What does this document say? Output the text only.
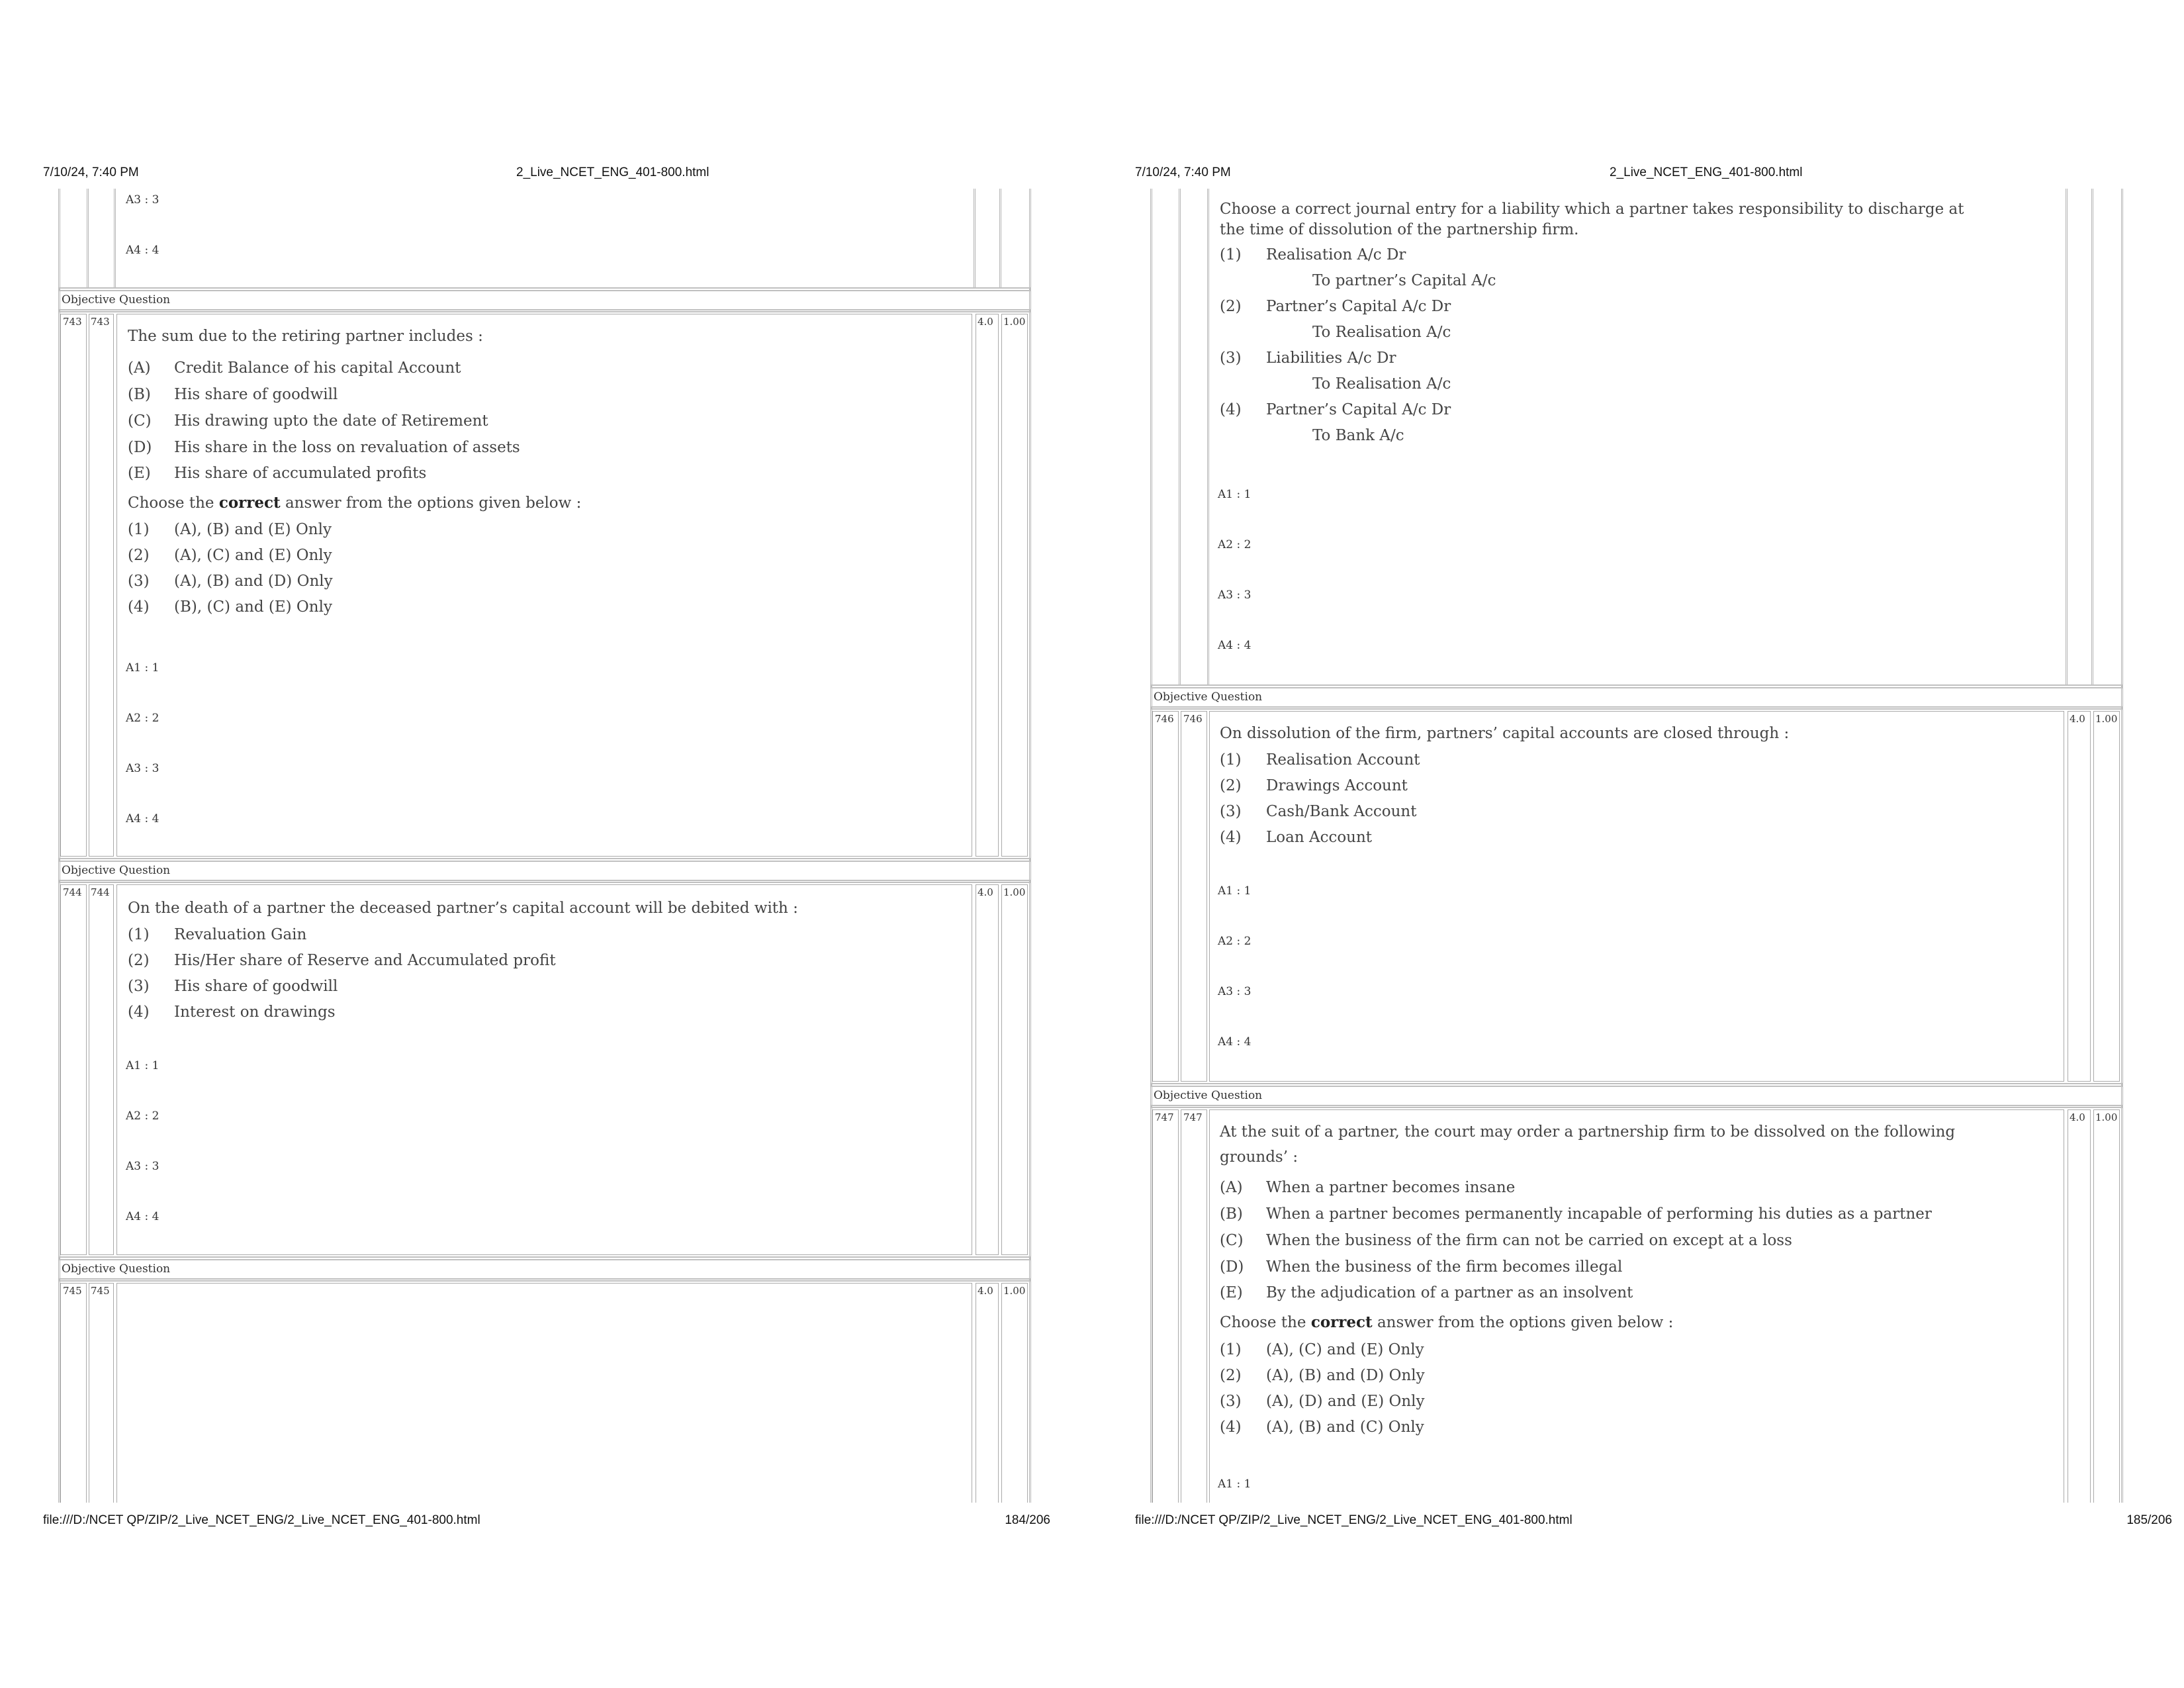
7/10/24, 7:40 PM	2_Live_NCET_ENG_401-800.html
A3 : 3
A4 : 4
Objective Question
743 743	4.0 1.00
The sum due to the retiring partner includes :
(A) Credit Balance of his capital Account
(B) His share of goodwill
(C) His drawing upto the date of Retirement
(D) His share in the loss on revaluation of assets
(E) His share of accumulated profits
Choose the correct answer from the options given below :
(1) (A), (B) and (E) Only
(2) (A), (C) and (E) Only
(3) (A), (B) and (D) Only
(4) (B), (C) and (E) Only
A1 : 1
A2 : 2
A3 : 3
A4 : 4
Objective Question
744 744	4.0 1.00
On the death of a partner the deceased partner’s capital account will be debited with :
(1) Revaluation Gain
(2) His/Her share of Reserve and Accumulated profit
(3) His share of goodwill
(4) Interest on drawings
A1 : 1
A2 : 2
A3 : 3
A4 : 4
Objective Question
745 745	4.0 1.00
file:///D:/NCET QP/ZIP/2_Live_NCET_ENG/2_Live_NCET_ENG_401-800.html	184/206
7/10/24, 7:40 PM	2_Live_NCET_ENG_401-800.html
Choose a correct journal entry for a liability which a partner takes responsibility to discharge at
the time of dissolution of the partnership firm.
(1) Realisation A/c Dr
To partner’s Capital A/c
(2) Partner’s Capital A/c Dr
To Realisation A/c
(3) Liabilities A/c Dr
To Realisation A/c
(4) Partner’s Capital A/c Dr
To Bank A/c
A1 : 1
A2 : 2
A3 : 3
A4 : 4
Objective Question
746 746	4.0 1.00
On dissolution of the firm, partners’ capital accounts are closed through :
(1) Realisation Account
(2) Drawings Account
(3) Cash/Bank Account
(4) Loan Account
A1 : 1
A2 : 2
A3 : 3
A4 : 4
Objective Question
747 747	4.0 1.00
At the suit of a partner, the court may order a partnership firm to be dissolved on the following
grounds’ :
(A) When a partner becomes insane
(B) When a partner becomes permanently incapable of performing his duties as a partner
(C) When the business of the firm can not be carried on except at a loss
(D) When the business of the firm becomes illegal
(E) By the adjudication of a partner as an insolvent
Choose the correct answer from the options given below :
(1) (A), (C) and (E) Only
(2) (A), (B) and (D) Only
(3) (A), (D) and (E) Only
(4) (A), (B) and (C) Only
A1 : 1
file:///D:/NCET QP/ZIP/2_Live_NCET_ENG/2_Live_NCET_ENG_401-800.html	185/206
